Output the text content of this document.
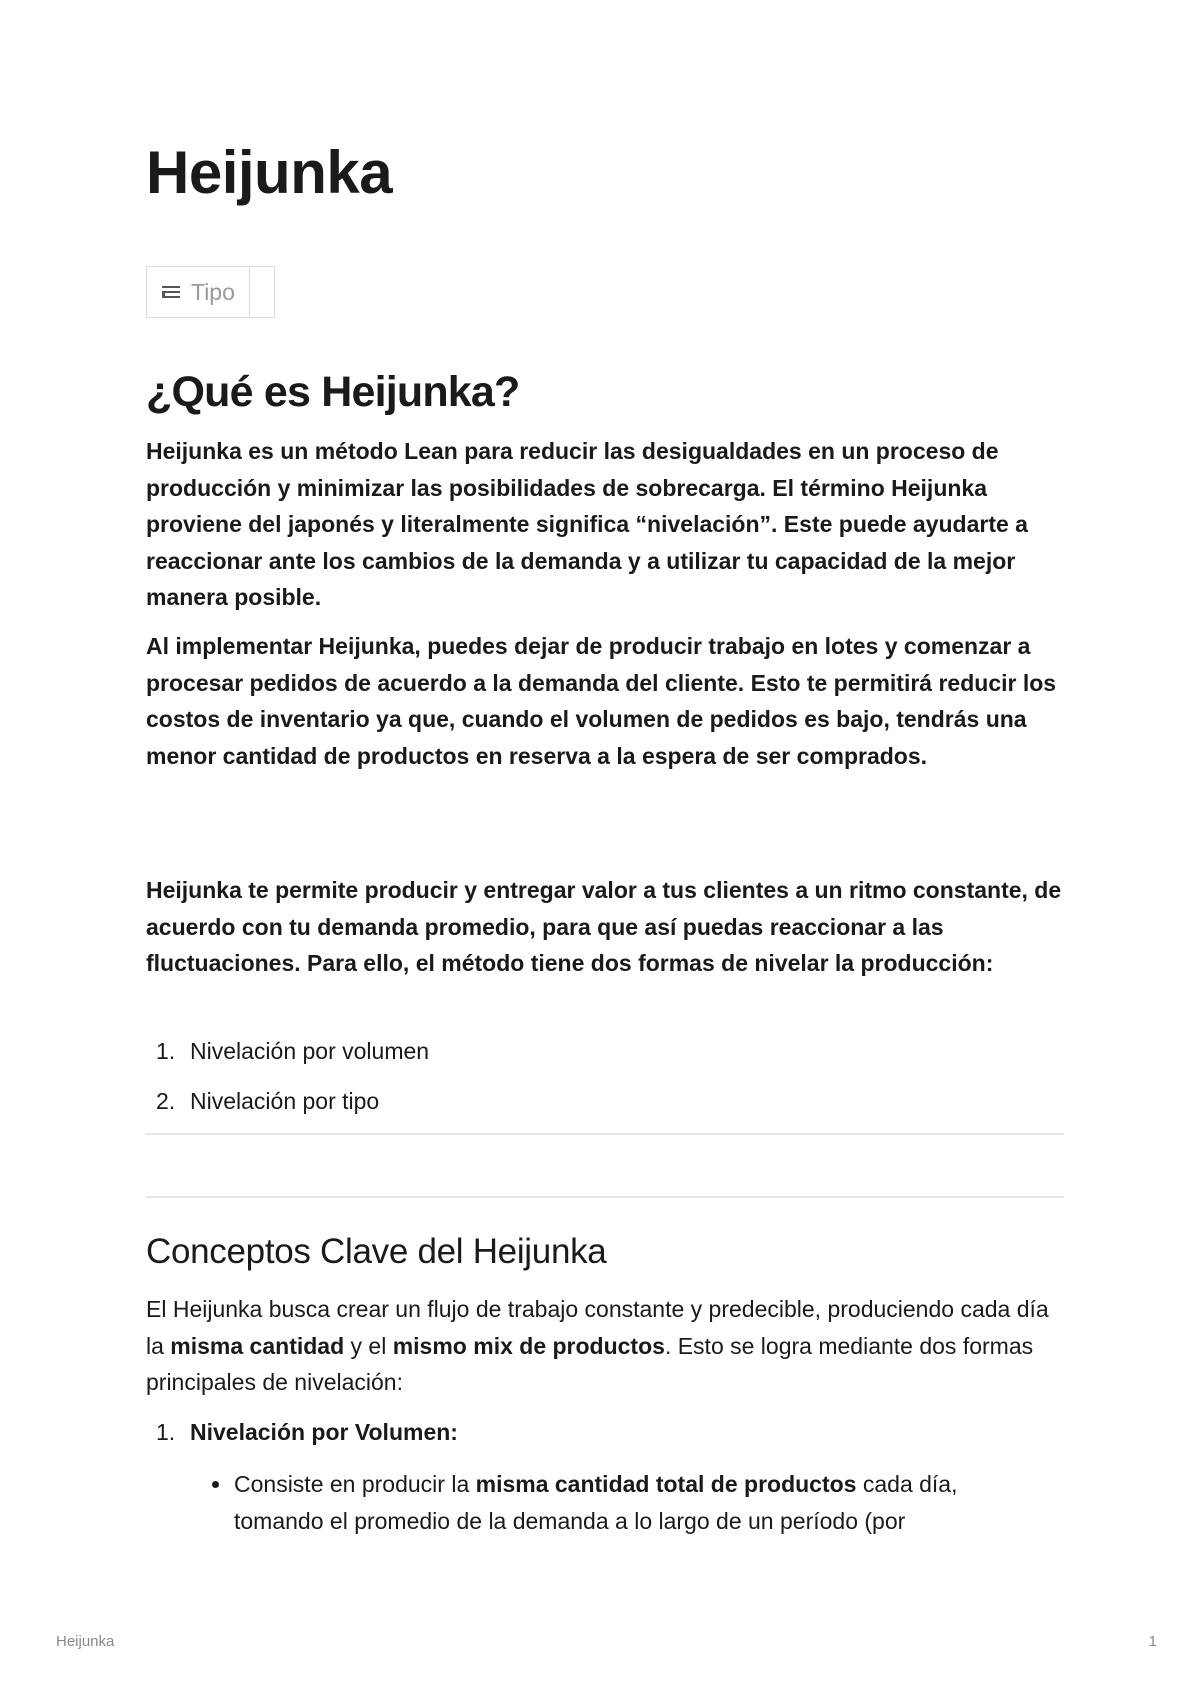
Heijunka
Tipo
¿Qué es Heijunka?

Heijunka es un método Lean para reducir las desigualdades en un proceso de producción y minimizar las posibilidades de sobrecarga. El término Heijunka proviene del japonés y literalmente significa “nivelación”. Este puede ayudarte a reaccionar ante los cambios de la demanda y a utilizar tu capacidad de la mejor manera posible.

Al implementar Heijunka, puedes dejar de producir trabajo en lotes y comenzar a procesar pedidos de acuerdo a la demanda del cliente. Esto te permitirá reducir los costos de inventario ya que, cuando el volumen de pedidos es bajo, tendrás una menor cantidad de productos en reserva a la espera de ser comprados.

Heijunka te permite producir y entregar valor a tus clientes a un ritmo constante, de acuerdo con tu demanda promedio, para que así puedas reaccionar a las fluctuaciones. Para ello, el método tiene dos formas de nivelar la producción:

1. Nivelación por volumen
2. Nivelación por tipo
Conceptos Clave del Heijunka

El Heijunka busca crear un flujo de trabajo constante y predecible, produciendo cada día la misma cantidad y el mismo mix de productos. Esto se logra mediante dos formas principales de nivelación:

1. Nivelación por Volumen:

Consiste en producir la misma cantidad total de productos cada día, tomando el promedio de la demanda a lo largo de un período (por

Heijunka	1
